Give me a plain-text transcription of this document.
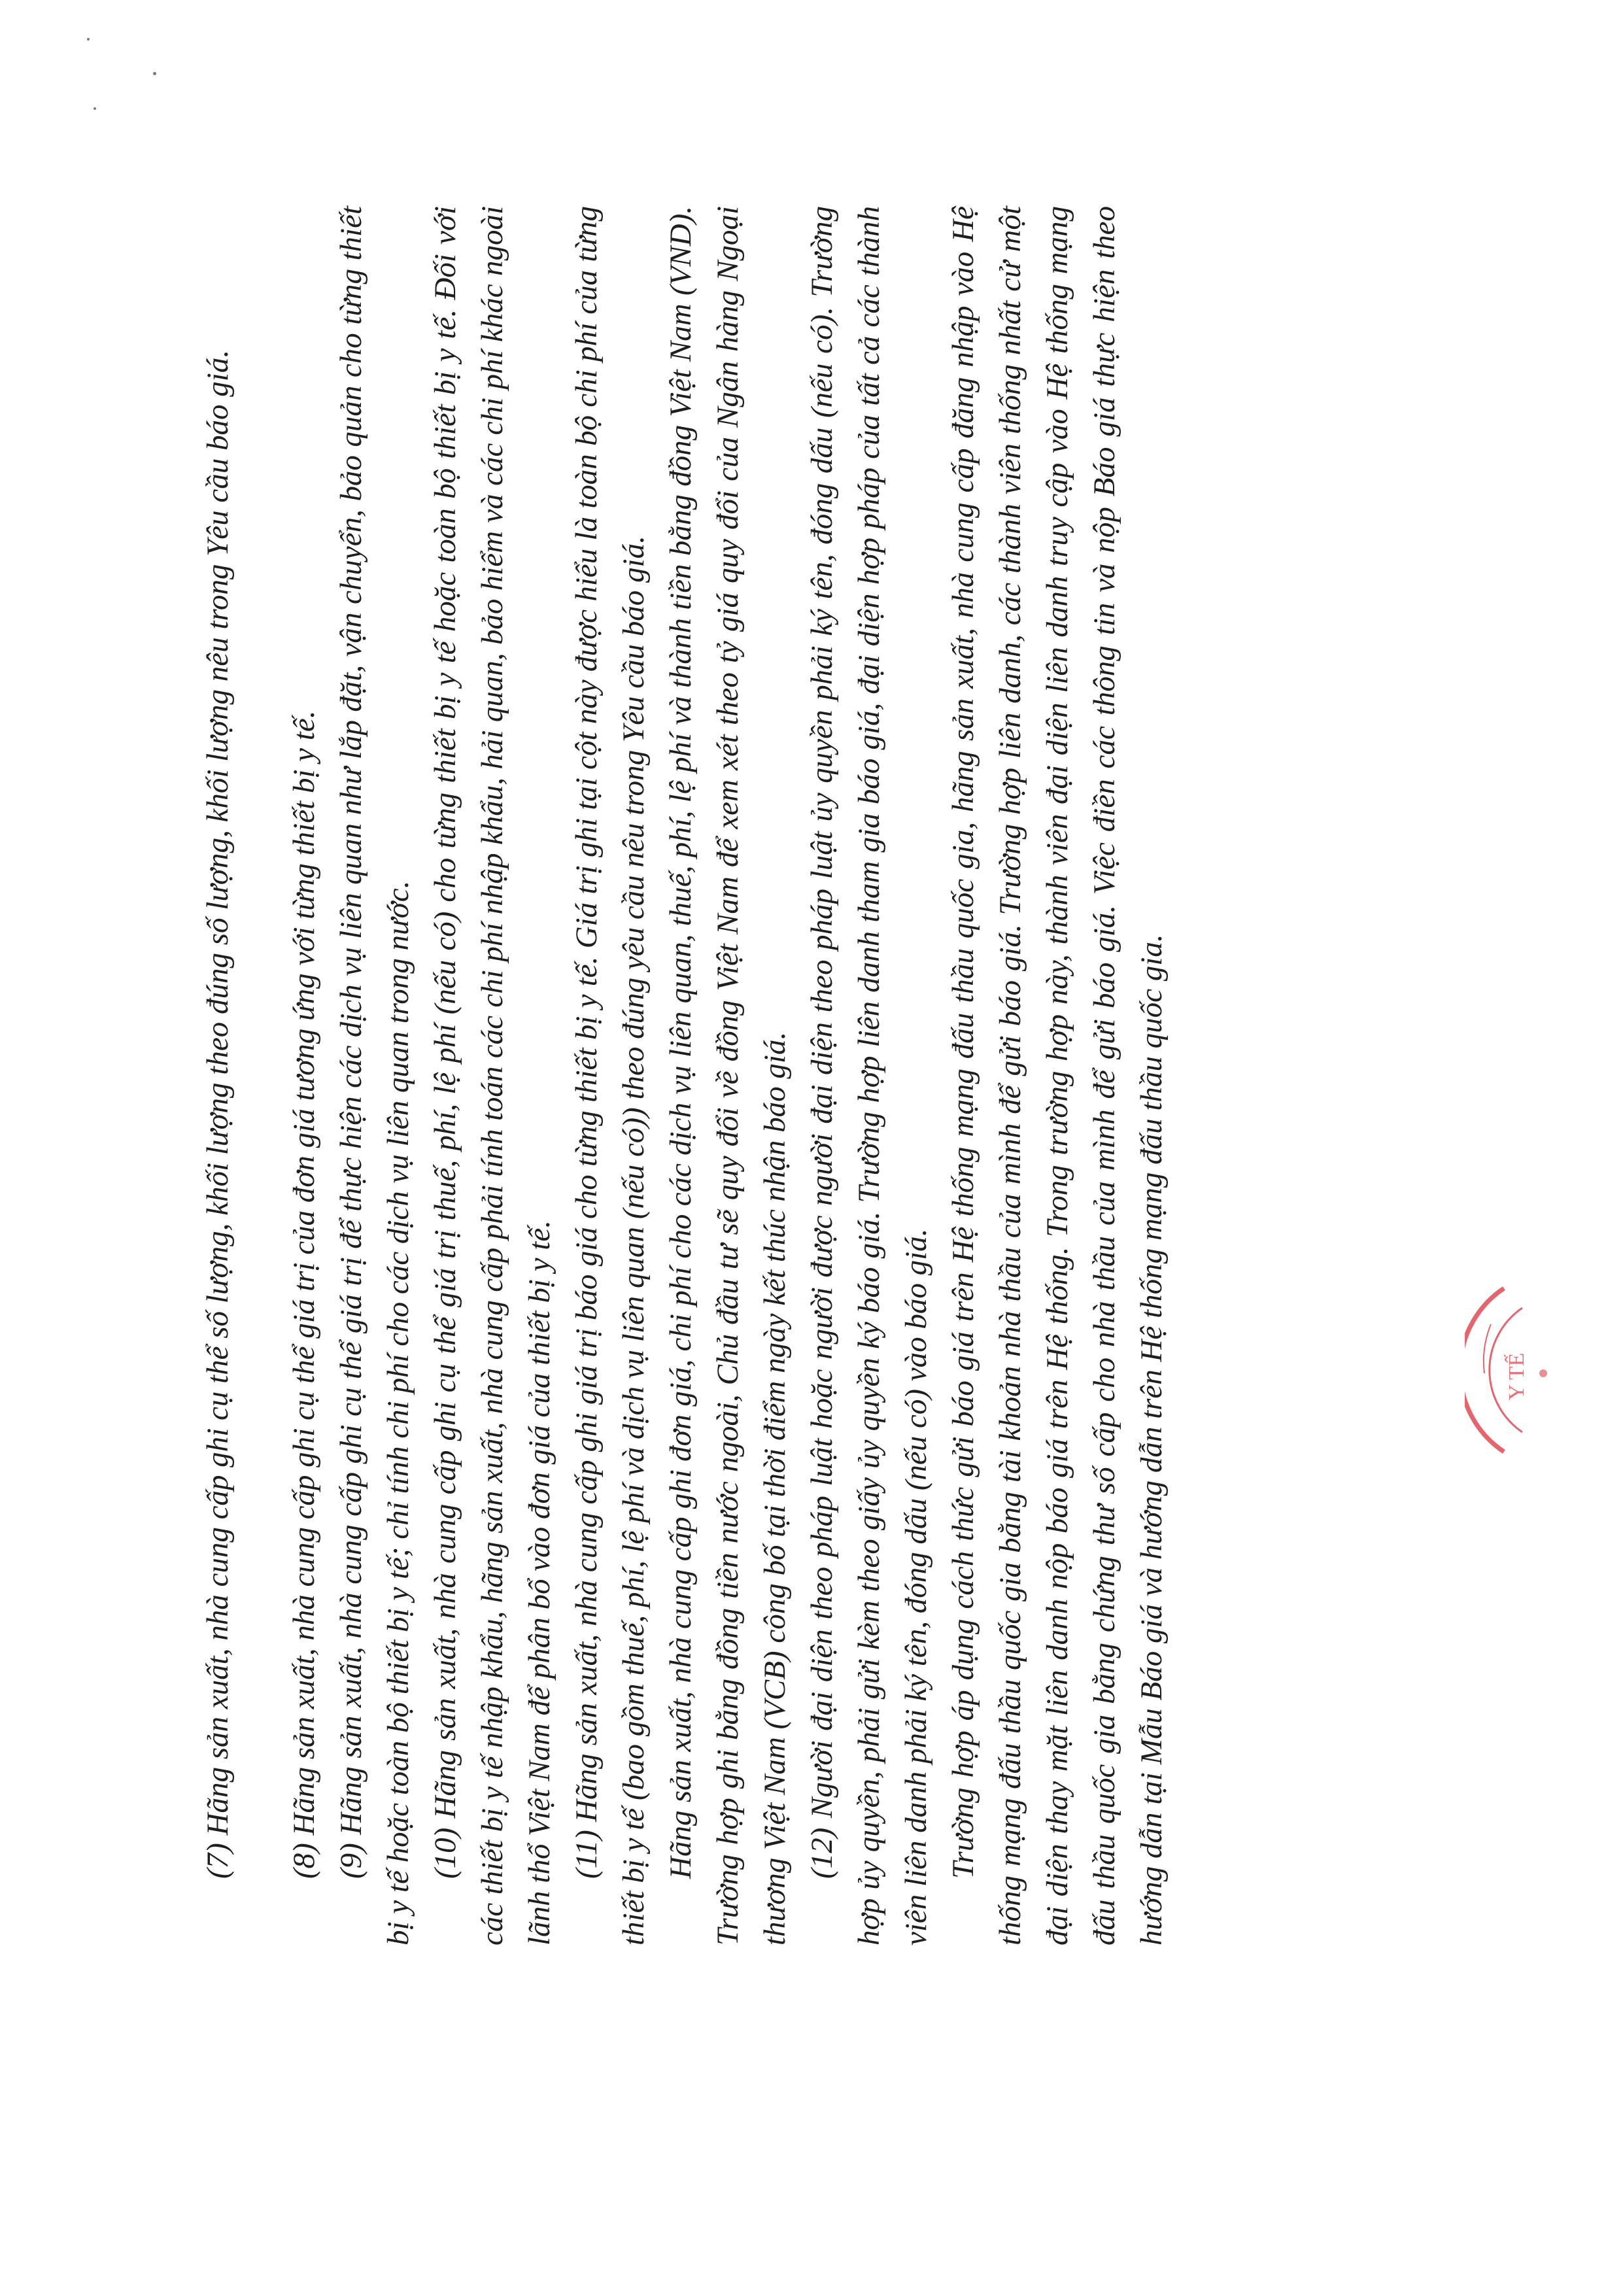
(7) Hãng sản xuất, nhà cung cấp ghi cụ thể số lượng, khối lượng theo đúng số lượng, khối lượng nêu trong Yêu cầu báo giá. (8) Hãng sản xuất, nhà cung cấp ghi cụ thể giá trị của đơn giá tương ứng với từng thiết bị y tế. (9) Hãng sản xuất, nhà cung cấp ghi cụ thể giá trị để thực hiện các dịch vụ liên quan như lắp đặt, vận chuyển, bảo quản cho từng thiết bị y tế hoặc toàn bộ thiết bị y tế; chỉ tính chi phí cho các dịch vụ liên quan trong nước. (10) Hãng sản xuất, nhà cung cấp ghi cụ thể giá trị thuế, phí, lệ phí (nếu có) cho từng thiết bị y tế hoặc toàn bộ thiết bị y tế. Đối với các thiết bị y tế nhập khẩu, hãng sản xuất, nhà cung cấp phải tính toán các chi phí nhập khẩu, hải quan, bảo hiểm và các chi phí khác ngoài lãnh thổ Việt Nam để phân bổ vào đơn giá của thiết bị y tế. (11) Hãng sản xuất, nhà cung cấp ghi giá trị báo giá cho từng thiết bị y tế. Giá trị ghi tại cột này được hiểu là toàn bộ chi phí của từng thiết bị y tế (bao gồm thuế, phí, lệ phí và dịch vụ liên quan (nếu có)) theo đúng yêu cầu nêu trong Yêu cầu báo giá. Hãng sản xuất, nhà cung cấp ghi đơn giá, chi phí cho các dịch vụ liên quan, thuế, phí, lệ phí và thành tiền bằng đồng Việt Nam (VND). Trường hợp ghi bằng đồng tiền nước ngoài, Chủ đầu tư sẽ quy đổi về đồng Việt Nam để xem xét theo tỷ giá quy đổi của Ngân hàng Ngoại thương Việt Nam (VCB) công bố tại thời điểm ngày kết thúc nhận báo giá. (12) Người đại diện theo pháp luật hoặc người được người đại diện theo pháp luật ủy quyền phải ký tên, đóng dấu (nếu có). Trường hợp ủy quyền, phải gửi kèm theo giấy ủy quyền ký báo giá. Trường hợp liên danh tham gia báo giá, đại diện hợp pháp của tất cả các thành viên liên danh phải ký tên, đóng dấu (nếu có) vào báo giá. Trường hợp áp dụng cách thức gửi báo giá trên Hệ thống mạng đấu thầu quốc gia, hãng sản xuất, nhà cung cấp đăng nhập vào Hệ thống mạng đấu thầu quốc gia bằng tài khoản nhà thầu của mình để gửi báo giá. Trường hợp liên danh, các thành viên thống nhất cử một đại diện thay mặt liên danh nộp báo giá trên Hệ thống. Trong trường hợp này, thành viên đại diện liên danh truy cập vào Hệ thống mạng đấu thầu quốc gia bằng chứng thư số cấp cho nhà thầu của mình để gửi báo giá. Việc điền các thông tin và nộp Báo giá thực hiện theo hướng dẫn tại Mẫu Báo giá và hướng dẫn trên Hệ thống mạng đấu thầu quốc gia.	Y TẾ
